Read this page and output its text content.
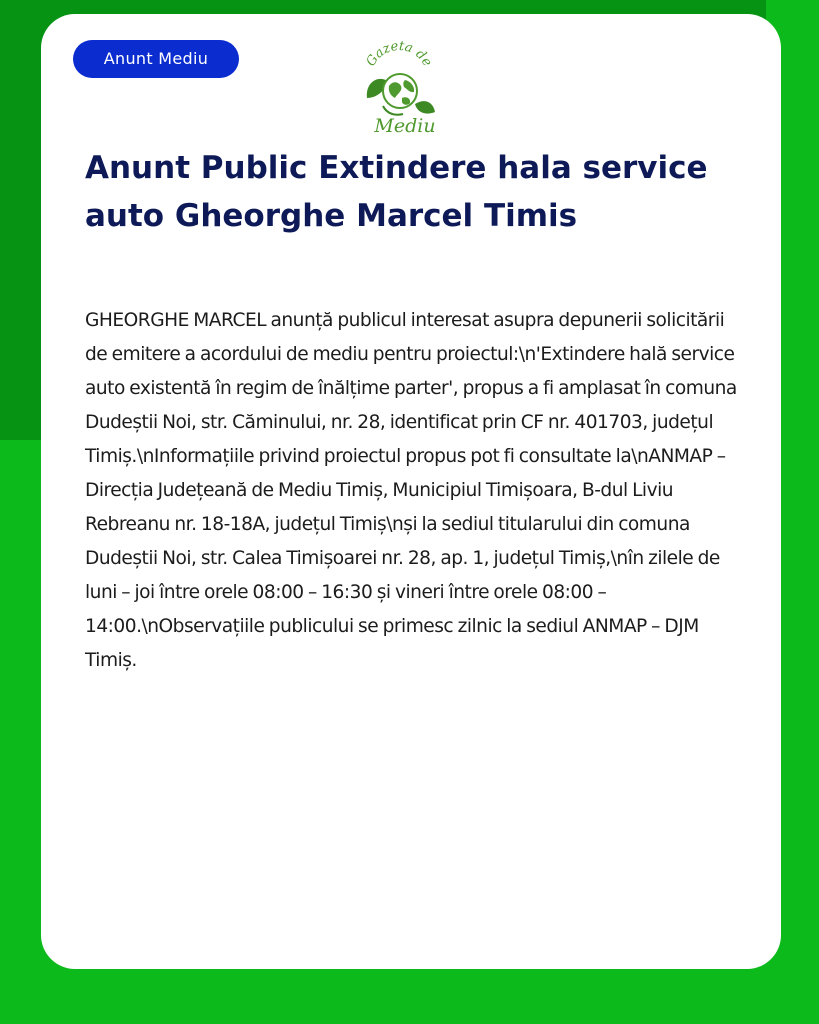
Anunt Mediu	Gazeta de
Mediu
Anunt Public Extindere hala service auto Gheorghe Marcel Timis

GHEORGHE MARCEL anunță publicul interesat asupra depunerii solicitării de emitere a acordului de mediu pentru proiectul:\n'Extindere hală service auto existentă în regim de înălțime parter', propus a fi amplasat în comuna Dudeștii Noi, str. Căminului, nr. 28, identificat prin CF nr. 401703, județul Timiș.\nInformațiile privind proiectul propus pot fi consultate la\nANMAP – Direcția Județeană de Mediu Timiș, Municipiul Timișoara, B-dul Liviu Rebreanu nr. 18-18A, județul Timiș\nși la sediul titularului din comuna Dudeștii Noi, str. Calea Timișoarei nr. 28, ap. 1, județul Timiș,\nîn zilele de luni – joi între orele 08:00 – 16:30 și vineri între orele 08:00 – 14:00.\nObservațiile publicului se primesc zilnic la sediul ANMAP – DJM Timiș.
